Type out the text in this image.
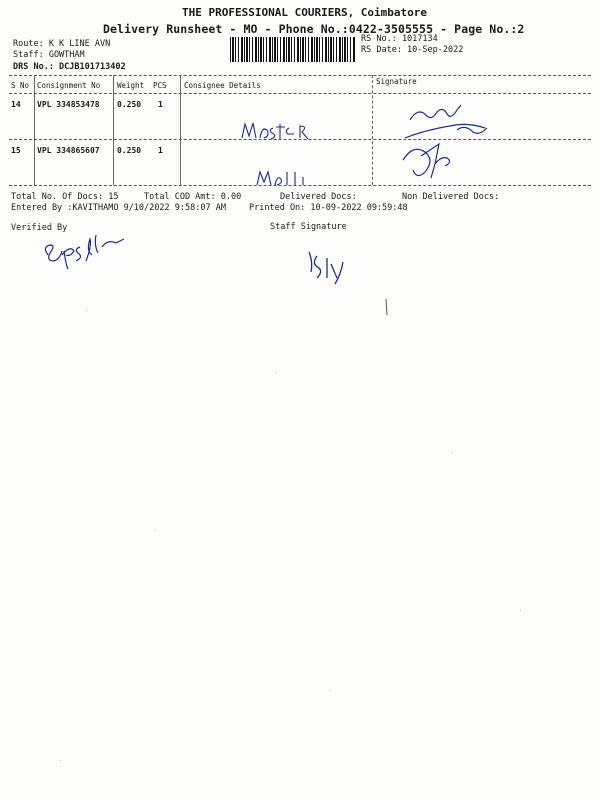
THE PROFESSIONAL COURIERS, Coimbatore
Delivery Runsheet - MO - Phone No.:0422-3505555 - Page No.:2
Route: K K LINE AVN
Staff: GOWTHAM
DRS No.: DCJB101713402
RS No.: 1017134
RS Date: 10-Sep-2022
S No Consignment No Weight PCS Consignee Details	Signature
14 VPL 334853478 0.250 1
15 VPL 334865607 0.250 1
Total No. Of Docs: 15	Total COD Amt: 0.00	Delivered Docs:	Non Delivered Docs:
Entered By :KAVITHAMO 9/10/2022 9:58:07 AM	Printed On: 10-09-2022 09:59:48
Verified By	Staff Signature
